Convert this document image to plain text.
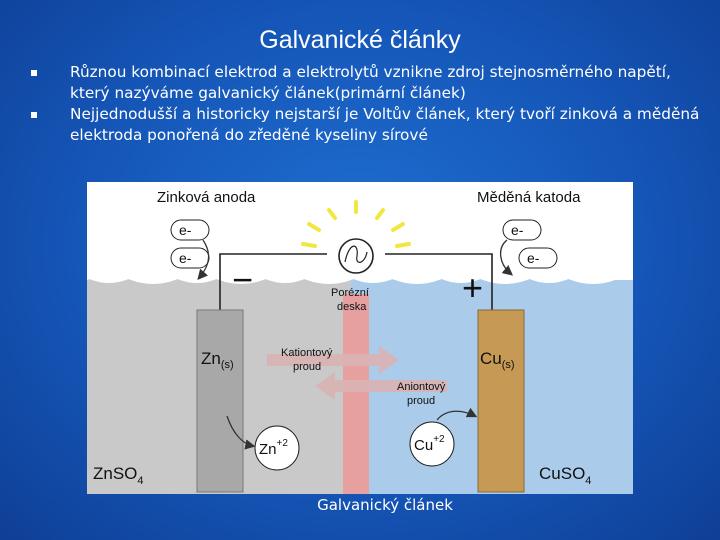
Galvanické články
Různou kombinací elektrod a elektrolytů vznikne zdroj stejnosměrného napětí, který nazýváme galvanický článek(primární článek)
Nejjednodušší a historicky nejstarší je Voltův článek, který tvoří zinková a měděná elektroda ponořená do zředěné kyseliny sírové
Zinková anoda	Měděná katoda
e-
e-
e-
e-
−	+
Porézní
deska
$Zn_{(s)}$	$Cu_{(s)}$
Kationtový
proud
Aniontový
proud
$Zn^{+2}$	$Cu^{+2}$
ZnSO$_4$	CuSO$_4$
Galvanický článek
